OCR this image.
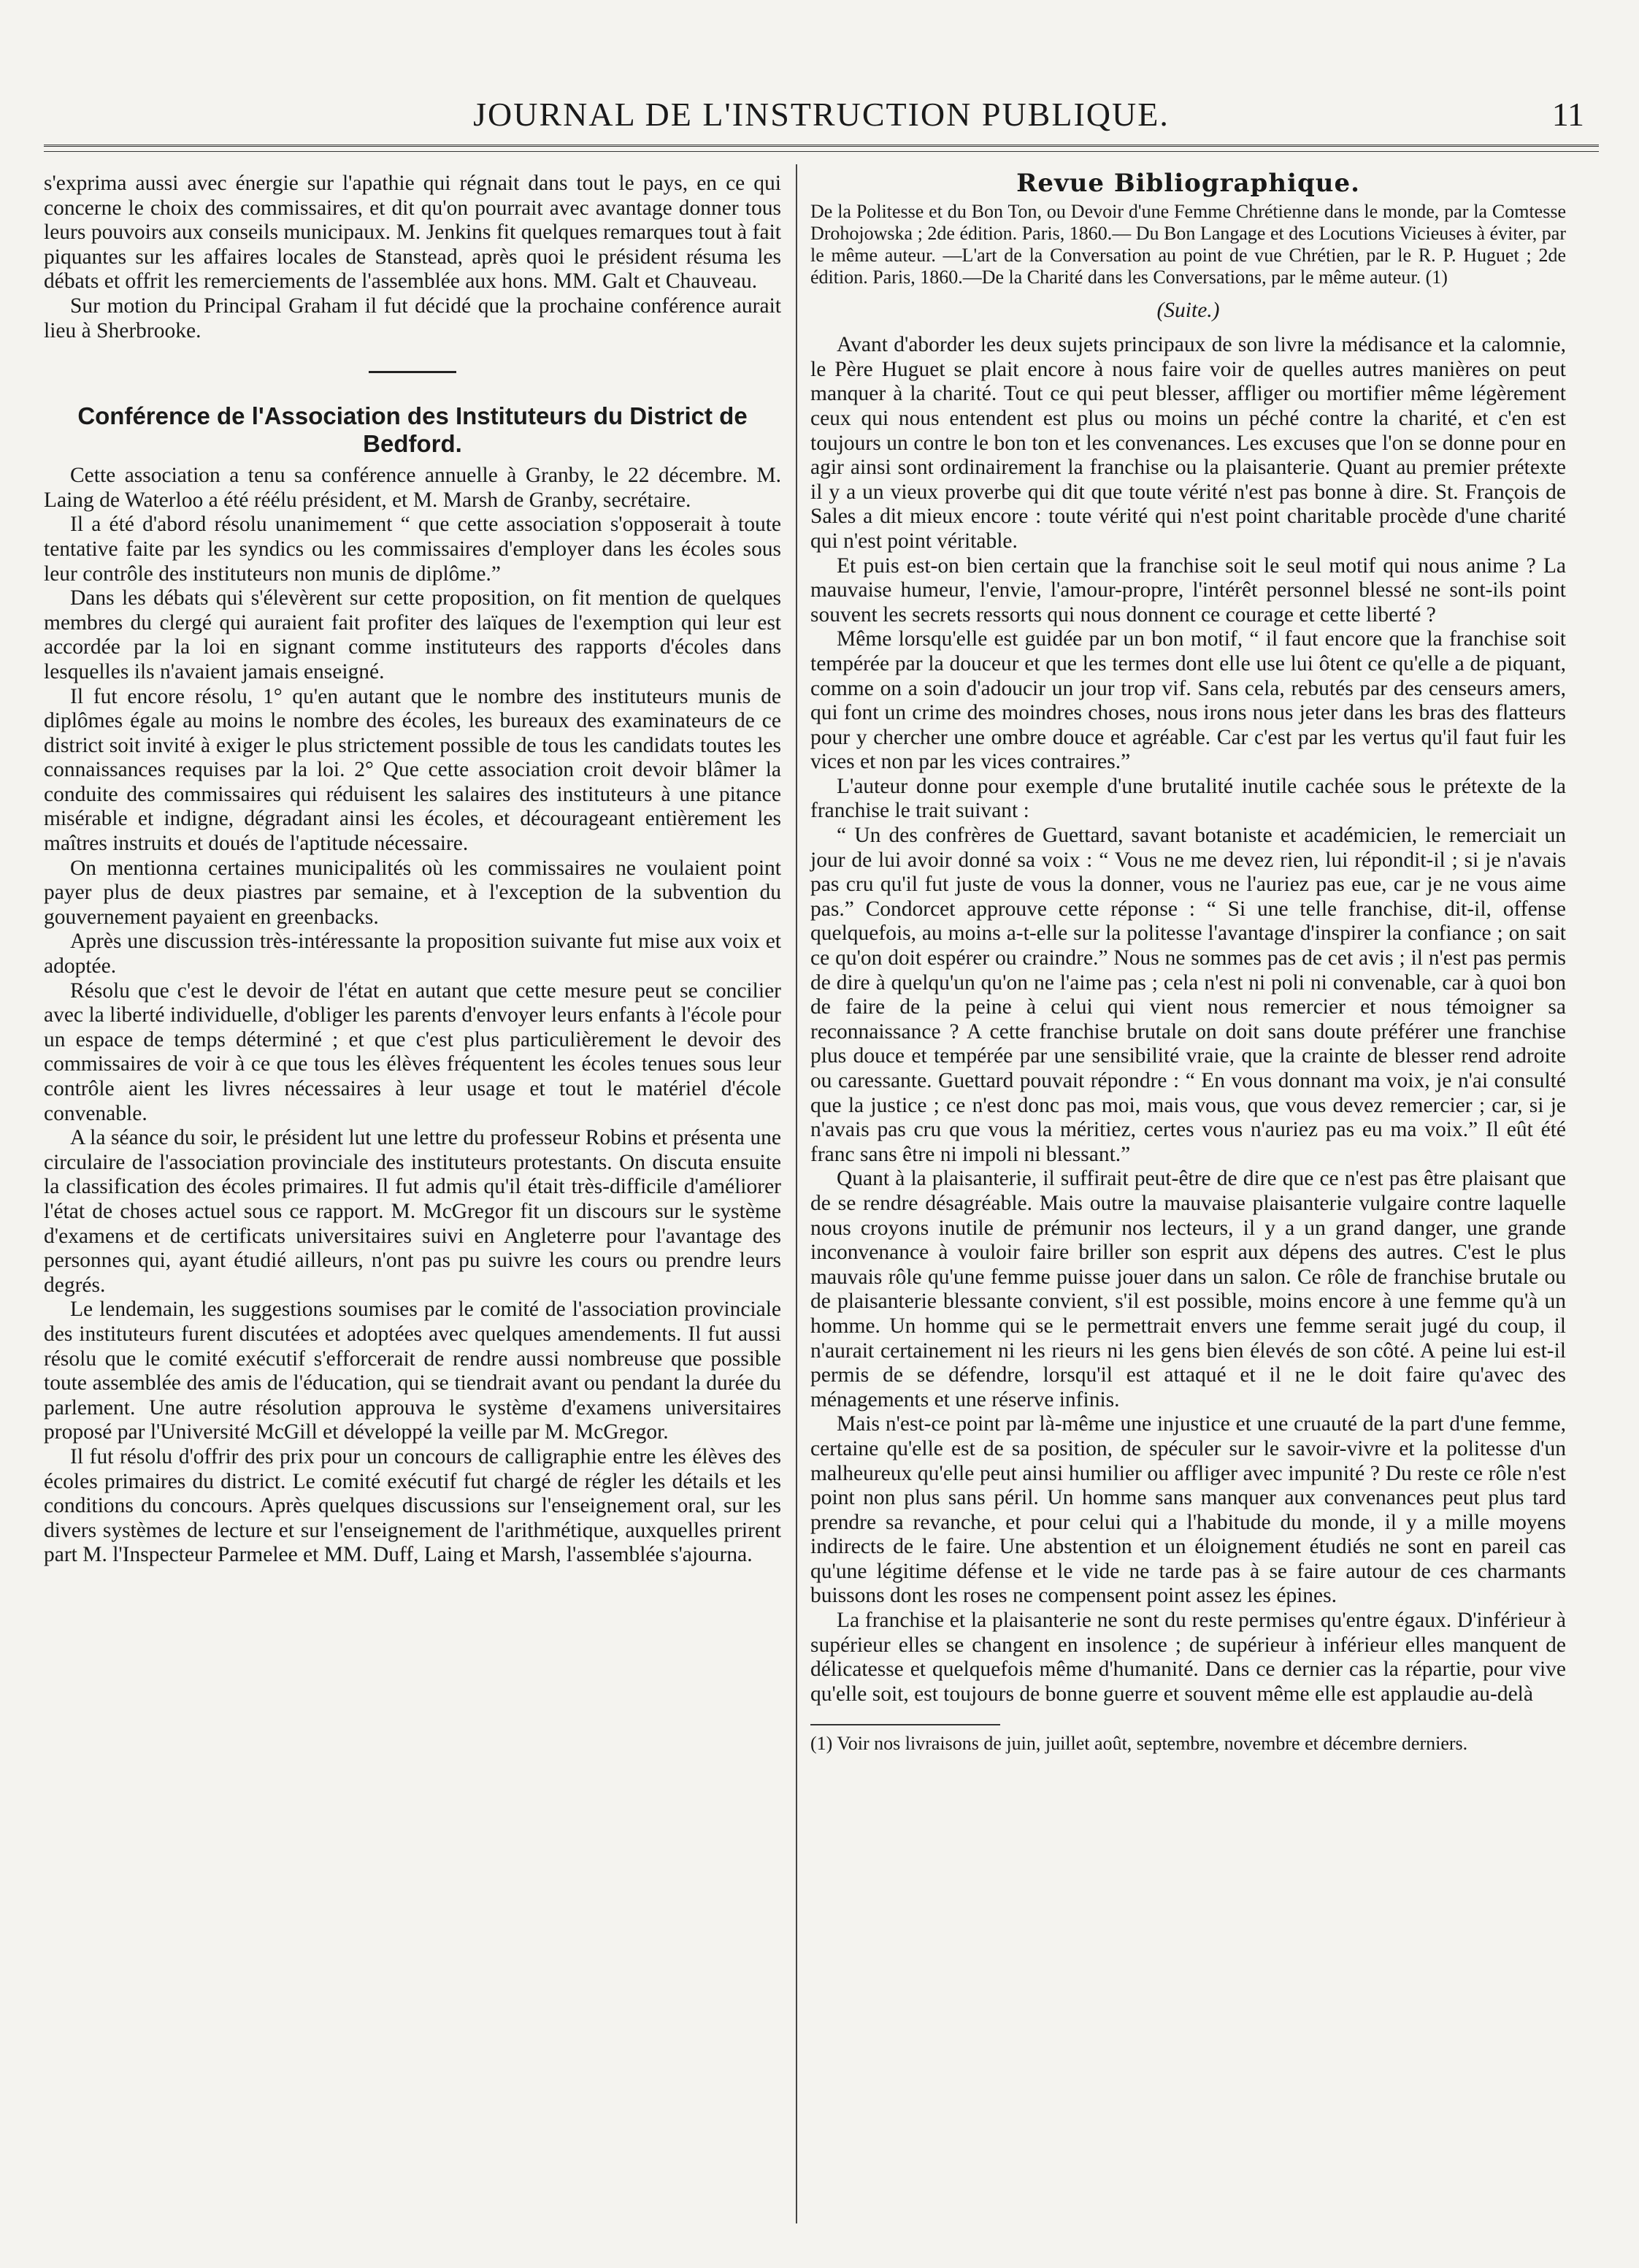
JOURNAL DE L'INSTRUCTION PUBLIQUE.	11

s'exprima aussi avec énergie sur l'apathie qui régnait dans tout le pays, en ce qui concerne le choix des commissaires, et dit qu'on pourrait avec avantage donner tous leurs pouvoirs aux conseils municipaux. M. Jenkins fit quelques remarques tout à fait piquantes sur les affaires locales de Stanstead, après quoi le président résuma les débats et offrit les remerciements de l'assemblée aux hons. MM. Galt et Chauveau.

Sur motion du Principal Graham il fut décidé que la prochaine conférence aurait lieu à Sherbrooke.

Conférence de l'Association des Instituteurs du District de Bedford.

Cette association a tenu sa conférence annuelle à Granby, le 22 décembre. M. Laing de Waterloo a été réélu président, et M. Marsh de Granby, secrétaire.

Il a été d'abord résolu unanimement “ que cette association s'opposerait à toute tentative faite par les syndics ou les commissaires d'employer dans les écoles sous leur contrôle des instituteurs non munis de diplôme.”

Dans les débats qui s'élevèrent sur cette proposition, on fit mention de quelques membres du clergé qui auraient fait profiter des laïques de l'exemption qui leur est accordée par la loi en signant comme instituteurs des rapports d'écoles dans lesquelles ils n'avaient jamais enseigné.

Il fut encore résolu, 1° qu'en autant que le nombre des instituteurs munis de diplômes égale au moins le nombre des écoles, les bureaux des examinateurs de ce district soit invité à exiger le plus strictement possible de tous les candidats toutes les connaissances requises par la loi. 2° Que cette association croit devoir blâmer la conduite des commissaires qui réduisent les salaires des instituteurs à une pitance misérable et indigne, dégradant ainsi les écoles, et décourageant entièrement les maîtres instruits et doués de l'aptitude nécessaire.

On mentionna certaines municipalités où les commissaires ne voulaient point payer plus de deux piastres par semaine, et à l'exception de la subvention du gouvernement payaient en greenbacks.

Après une discussion très-intéressante la proposition suivante fut mise aux voix et adoptée.

Résolu que c'est le devoir de l'état en autant que cette mesure peut se concilier avec la liberté individuelle, d'obliger les parents d'envoyer leurs enfants à l'école pour un espace de temps déterminé ; et que c'est plus particulièrement le devoir des commissaires de voir à ce que tous les élèves fréquentent les écoles tenues sous leur contrôle aient les livres nécessaires à leur usage et tout le matériel d'école convenable.

A la séance du soir, le président lut une lettre du professeur Robins et présenta une circulaire de l'association provinciale des instituteurs protestants. On discuta ensuite la classification des écoles primaires. Il fut admis qu'il était très-difficile d'améliorer l'état de choses actuel sous ce rapport. M. McGregor fit un discours sur le système d'examens et de certificats universitaires suivi en Angleterre pour l'avantage des personnes qui, ayant étudié ailleurs, n'ont pas pu suivre les cours ou prendre leurs degrés.

Le lendemain, les suggestions soumises par le comité de l'association provinciale des instituteurs furent discutées et adoptées avec quelques amendements. Il fut aussi résolu que le comité exécutif s'efforcerait de rendre aussi nombreuse que possible toute assemblée des amis de l'éducation, qui se tiendrait avant ou pendant la durée du parlement. Une autre résolution approuva le système d'examens universitaires proposé par l'Université McGill et développé la veille par M. McGregor.

Il fut résolu d'offrir des prix pour un concours de calligraphie entre les élèves des écoles primaires du district. Le comité exécutif fut chargé de régler les détails et les conditions du concours. Après quelques discussions sur l'enseignement oral, sur les divers systèmes de lecture et sur l'enseignement de l'arithmétique, auxquelles prirent part M. l'Inspecteur Parmelee et MM. Duff, Laing et Marsh, l'assemblée s'ajourna.

Revue Bibliographique.
De la Politesse et du Bon Ton, ou Devoir d'une Femme Chrétienne dans le monde, par la Comtesse Drohojowska ; 2de édition. Paris, 1860.— Du Bon Langage et des Locutions Vicieuses à éviter, par le même auteur. —L'art de la Conversation au point de vue Chrétien, par le R. P. Huguet ; 2de édition. Paris, 1860.—De la Charité dans les Conversations, par le même auteur. (1)
(Suite.)

Avant d'aborder les deux sujets principaux de son livre la médisance et la calomnie, le Père Huguet se plait encore à nous faire voir de quelles autres manières on peut manquer à la charité. Tout ce qui peut blesser, affliger ou mortifier même légèrement ceux qui nous entendent est plus ou moins un péché contre la charité, et c'en est toujours un contre le bon ton et les convenances. Les excuses que l'on se donne pour en agir ainsi sont ordinairement la franchise ou la plaisanterie. Quant au premier prétexte il y a un vieux proverbe qui dit que toute vérité n'est pas bonne à dire. St. François de Sales a dit mieux encore : toute vérité qui n'est point charitable procède d'une charité qui n'est point véritable.

Et puis est-on bien certain que la franchise soit le seul motif qui nous anime ? La mauvaise humeur, l'envie, l'amour-propre, l'intérêt personnel blessé ne sont-ils point souvent les secrets ressorts qui nous donnent ce courage et cette liberté ?

Même lorsqu'elle est guidée par un bon motif, “ il faut encore que la franchise soit tempérée par la douceur et que les termes dont elle use lui ôtent ce qu'elle a de piquant, comme on a soin d'adoucir un jour trop vif. Sans cela, rebutés par des censeurs amers, qui font un crime des moindres choses, nous irons nous jeter dans les bras des flatteurs pour y chercher une ombre douce et agréable. Car c'est par les vertus qu'il faut fuir les vices et non par les vices contraires.”

L'auteur donne pour exemple d'une brutalité inutile cachée sous le prétexte de la franchise le trait suivant :

“ Un des confrères de Guettard, savant botaniste et académicien, le remerciait un jour de lui avoir donné sa voix : “ Vous ne me devez rien, lui répondit-il ; si je n'avais pas cru qu'il fut juste de vous la donner, vous ne l'auriez pas eue, car je ne vous aime pas.” Condorcet approuve cette réponse : “ Si une telle franchise, dit-il, offense quelquefois, au moins a-t-elle sur la politesse l'avantage d'inspirer la confiance ; on sait ce qu'on doit espérer ou craindre.” Nous ne sommes pas de cet avis ; il n'est pas permis de dire à quelqu'un qu'on ne l'aime pas ; cela n'est ni poli ni convenable, car à quoi bon de faire de la peine à celui qui vient nous remercier et nous témoigner sa reconnaissance ? A cette franchise brutale on doit sans doute préférer une franchise plus douce et tempérée par une sensibilité vraie, que la crainte de blesser rend adroite ou caressante. Guettard pouvait répondre : “ En vous donnant ma voix, je n'ai consulté que la justice ; ce n'est donc pas moi, mais vous, que vous devez remercier ; car, si je n'avais pas cru que vous la méritiez, certes vous n'auriez pas eu ma voix.” Il eût été franc sans être ni impoli ni blessant.”

Quant à la plaisanterie, il suffirait peut-être de dire que ce n'est pas être plaisant que de se rendre désagréable. Mais outre la mauvaise plaisanterie vulgaire contre laquelle nous croyons inutile de prémunir nos lecteurs, il y a un grand danger, une grande inconvenance à vouloir faire briller son esprit aux dépens des autres. C'est le plus mauvais rôle qu'une femme puisse jouer dans un salon. Ce rôle de franchise brutale ou de plaisanterie blessante convient, s'il est possible, moins encore à une femme qu'à un homme. Un homme qui se le permettrait envers une femme serait jugé du coup, il n'aurait certainement ni les rieurs ni les gens bien élevés de son côté. A peine lui est-il permis de se défendre, lorsqu'il est attaqué et il ne le doit faire qu'avec des ménagements et une réserve infinis.

Mais n'est-ce point par là-même une injustice et une cruauté de la part d'une femme, certaine qu'elle est de sa position, de spéculer sur le savoir-vivre et la politesse d'un malheureux qu'elle peut ainsi humilier ou affliger avec impunité ? Du reste ce rôle n'est point non plus sans péril. Un homme sans manquer aux convenances peut plus tard prendre sa revanche, et pour celui qui a l'habitude du monde, il y a mille moyens indirects de le faire. Une abstention et un éloignement étudiés ne sont en pareil cas qu'une légitime défense et le vide ne tarde pas à se faire autour de ces charmants buissons dont les roses ne compensent point assez les épines.

La franchise et la plaisanterie ne sont du reste permises qu'entre égaux. D'inférieur à supérieur elles se changent en insolence ; de supérieur à inférieur elles manquent de délicatesse et quelquefois même d'humanité. Dans ce dernier cas la répartie, pour vive qu'elle soit, est toujours de bonne guerre et souvent même elle est applaudie au-delà

(1) Voir nos livraisons de juin, juillet août, septembre, novembre et décembre derniers.
